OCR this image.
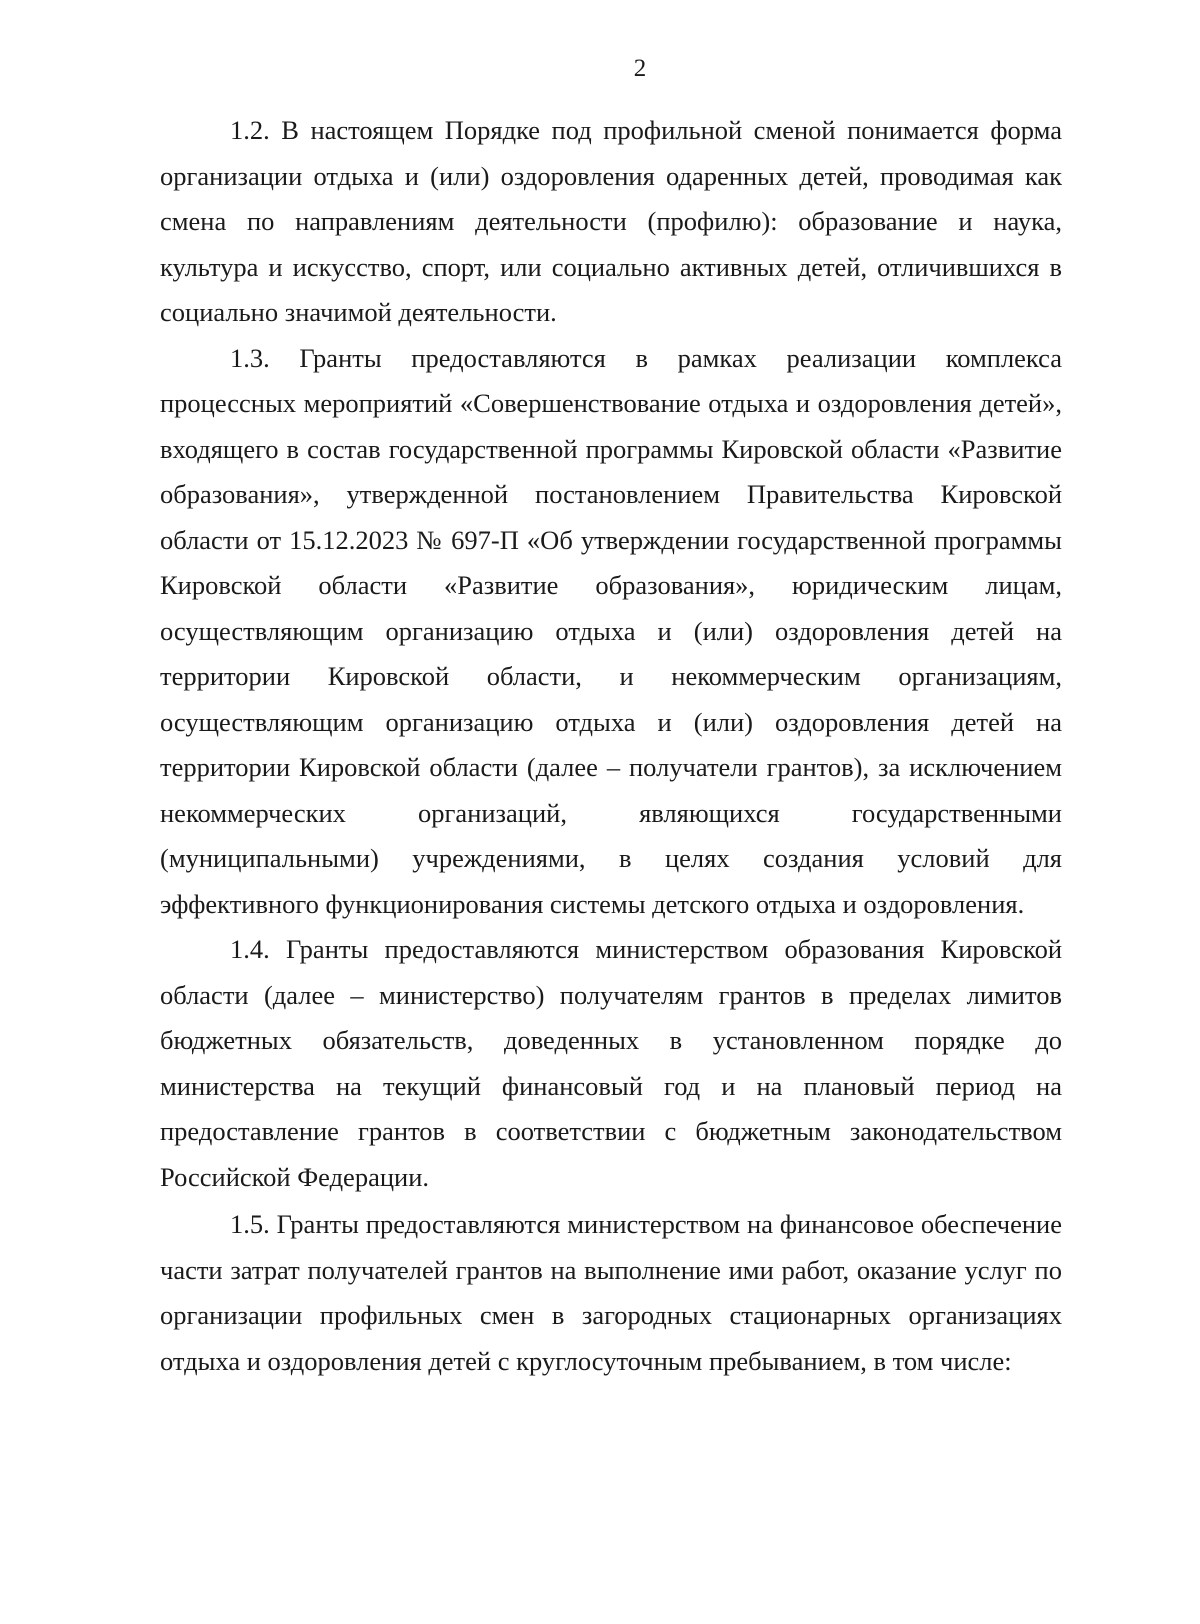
2

1.2. В настоящем Порядке под профильной сменой понимается форма организации отдыха и (или) оздоровления одаренных детей, проводимая как смена по направлениям деятельности (профилю): образование и наука, культура и искусство, спорт, или социально активных детей, отличившихся в социально значимой деятельности.

1.3. Гранты предоставляются в рамках реализации комплекса процессных мероприятий «Совершенствование отдыха и оздоровления детей», входящего в состав государственной программы Кировской области «Развитие образования», утвержденной постановлением Правительства Кировской области от 15.12.2023 № 697-П «Об утверждении государственной программы Кировской области «Развитие образования», юридическим лицам, осуществляющим организацию отдыха и (или) оздоровления детей на территории Кировской области, и некоммерческим организациям, осуществляющим организацию отдыха и (или) оздоровления детей на территории Кировской области (далее – получатели грантов), за исключением некоммерческих организаций, являющихся государственными (муниципальными) учреждениями, в целях создания условий для эффективного функционирования системы детского отдыха и оздоровления.

1.4. Гранты предоставляются министерством образования Кировской области (далее – министерство) получателям грантов в пределах лимитов бюджетных обязательств, доведенных в установленном порядке до министерства на текущий финансовый год и на плановый период на предоставление грантов в соответствии с бюджетным законодательством Российской Федерации.

1.5. Гранты предоставляются министерством на финансовое обеспечение части затрат получателей грантов на выполнение ими работ, оказание услуг по организации профильных смен в загородных стационарных организациях отдыха и оздоровления детей с круглосуточным пребыванием, в том числе:
